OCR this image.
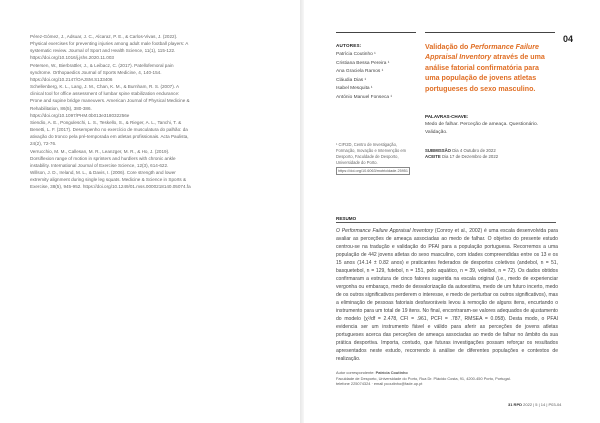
Pérez-Gómez, J., Adsuar, J. C., Alcaraz, P. E., & Carlos-Vivas, J. (2022). Physical exercises for preventing injuries among adult male football players: A systematic review. Journal of Sport and Health Science, 11(1), 115-122. https://doi.org/10.1016/j.jshs.2020.11.003

Petersen, W., Bierbrattler, J., & Leibacz, C. (2017). Patellofemoral pain syndrome. Orthopaedics Journal of Sports Medicine, 4, 140-154. https://doi.org/10.2147/OAJSM.S133406

Schellenberg, K. L., Lang, J. M., Chan, K. M., & Burnham, R. S. (2007). A clinical tool for office assessment of lumbar spine stabilization endurance: Prone and supine bridge maneuvers. American Journal of Physical Medicine & Rehabilitation, 86(5), 380-386. https://doi.org/10.1097/PHM.0b013e318032256e

Siendio, A. E., Ponguleschi, L. S., Teskello, S., & Rieger, A. L., Tanchi, T. & Benetti, L. F. (2017). Desempenho no exercício de musculatura do palhão: da ativação do tronco pela pré-temporada em atletas profissionais. Acta Paulista, 24(2), 72-76.

Verrucchio, M. M., Callesan, M. R., Leanzger, M. R., & Ho, J. (2019). Dorsiflexion range of motion in sprinters and hurdlers with chronic ankle instability. International Journal of Exercise Science, 12(3), 614-622.

Willson, J. D., Ireland, M. L., & Davis, I. (2006). Core strength and lower extremity alignment during single leg squats. Medicine & Science in Sports & Exercise, 38(5), 945-952. https://doi.org/10.1249/01.mss.0000218140.05074.fa

04
AUTORES:
Patrícia Coutinho ¹
Cristiana Bessa Pereira ¹
Ana Graciela Ramos ¹
Cláudia Dias ¹
Isabel Mesquita ¹
António Manuel Fonseca ¹
¹ CIFI2D, Centro de Investigação, Formação, Inovação e Intervenção em Desporto, Faculdade de Desporto, Universidade do Porto.
https://doi.org/10.6063/motricidade.25951
Validação do Performance Failure Appraisal Inventory através de uma análise fatorial confirmatória para uma população de jovens atletas portugueses do sexo masculino.
PALAVRAS-CHAVE:
Medo de falhar. Perceção de ameaça. Questionário. Validação.
SUBMISSÃO Dia 4 Outubro de 2022
ACEITE Dia 17 de Dezembro de 2022
RESUMO
O Performance Failure Appraisal Inventory (Conroy et al., 2002) é uma escala desenvolvida para avaliar as perceções de ameaça associadas ao medo de falhar. O objetivo do presente estudo centrou-se na tradução e validação do PFAI para a população portuguesa. Recorremos a uma população de 442 jovens atletas do sexo masculino, com idades compreendidas entre os 13 e os 15 anos (14.14 ± 0.82 anos) e praticantes federados de desportos coletivos (andebol, n = 51, basquetebol, n = 129, futebol, n = 151, polo aquático, n = 39, voleibol, n = 72). Os dados obtidos confirmaram a estrutura de cinco fatores sugerida na escala original (i.e., medo de experienciar vergonha ou embaraço, medo de desvalorização da autoestima, medo de um futuro incerto, medo de os outros significativos perderem o interesse, e medo de perturbar os outros significativos), mas a eliminação de pessoas fatoriais desfavoráveis levou à remoção de alguns itens, encurtando o instrumento para um total de 19 itens. No final, encontraram-se valores adequados de ajustamento do modelo (χ²/df = 2.478, CFI = .961, PCFI = .787, RMSEA = 0.058). Desta modo, o PFAI evidencia ser um instrumento fiável e válido para aferir as perceções de jovens atletas portugueses acerca das perceções de ameaça associadas ao medo de falhar no âmbito da sua prática desportiva. Importa, contudo, que futuras investigações possam reforçar os resultados apresentados neste estudo, recorrendo à análise de diferentes populações e contextos de realização.
Autor correspondente: Patrícia Coutinho
Faculdade de Desporto, Universidade do Porto, Rua Dr. Plácido Costa, 91, 4200-450 Porto, Portugal.
telefone 225074324 · email pcoutinho@fade.up.pt
31 RPD 2022 | 5 | 14 | P03-04
